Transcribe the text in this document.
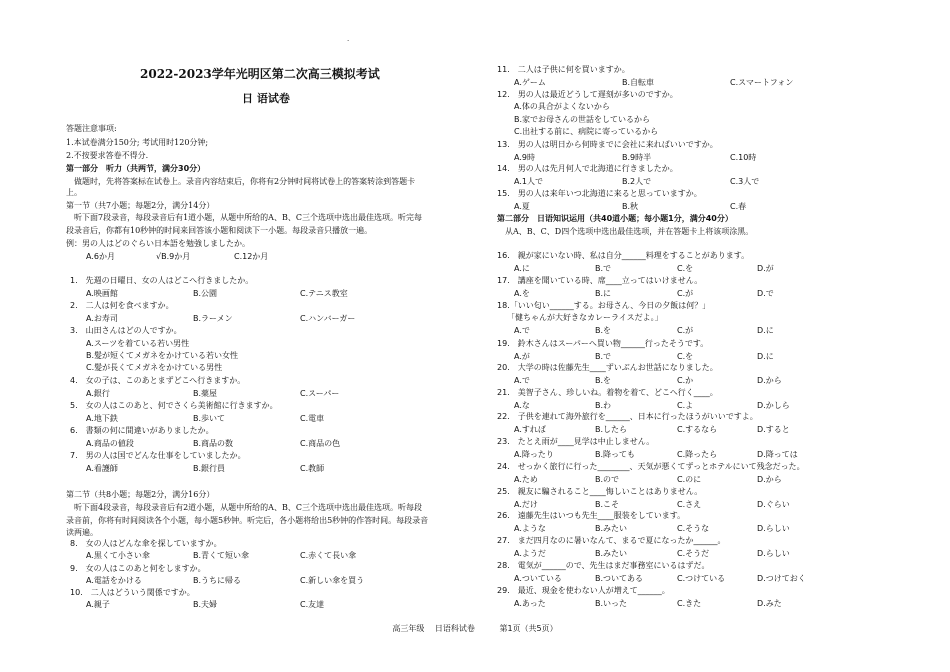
·
2022-2023学年光明区第二次高三模拟考试
日 语试卷
答题注意事项:
1.本试卷满分150分; 考试用时120分钟;
2.不按要求答卷不得分.
第一部分　听力（共两节，满分30分）
　做题时，先将答案标在试卷上。录音内容结束后，你将有2分钟时间将试卷上的答案转涂到答题卡
上。
第一节（共7小题；每题2分，满分14分）
　听下面7段录音，每段录音后有1道小题，从题中所给的A、B、C三个选项中选出最佳选项。听完每
段录音后，你都有10秒钟的时间来回答该小题和阅读下一小题。每段录音只播放一遍。
例：男の人はどのぐらい日本語を勉強しましたか。
A.6か月	√B.9か月	C.12か月
1.　先週の日曜日、女の人はどこへ行きましたか。
A.映画館	B.公園	C.テニス教室
2.　二人は何を食べますか。
A.お寿司	B.ラーメン	C.ハンバーガー
3.　山田さんはどの人ですか。
A.スーツを着ている若い男性
B.髪が短くてメガネをかけている若い女性
C.髪が長くてメガネをかけている男性
4.　女の子は、このあとまずどこへ行きますか。
A.銀行	B.薬屋	C.スーパー
5.　女の人はこのあと、何でさくら美術館に行きますか。
A.地下鉄	B.歩いて	C.電車
6.　書類の何に間違いがありましたか。
A.商品の値段	B.商品の数	C.商品の色
7.　男の人は国でどんな仕事をしていましたか。
A.看護師	B.銀行員	C.教師
第二节（共8小题；每题2分，满分16分）
　听下面4段录音，每段录音后有2道小题，从题中所给的A、B、C三个选项中选出最佳选项。听每段
录音前，你将有时间阅读各个小题，每小题5秒钟。听完后，各小题将给出5秒钟的作答时间。每段录音
读两遍。
8.　女の人はどんな傘を探していますか。
A.黒くて小さい傘	B.青くて短い傘	C.赤くて長い傘
9.　女の人はこのあと何をしますか。
A.電話をかける	B.うちに帰る	C.新しい傘を買う
10.　二人はどういう関係ですか。
A.親子	B.夫婦	C.友達
11.　二人は子供に何を買いますか。
A.ゲーム	B.自転車	C.スマートフォン
12.　男の人は最近どうして遅刻が多いのですか。
A.体の具合がよくないから
B.家でお母さんの世話をしているから
C.出社する前に、病院に寄っているから
13.　男の人は明日から何時までに会社に来ればいいですか。
A.9時	B.9時半	C.10時
14.　男の人は先月何人で北海道に行きましたか。
A.1人で	B.2人で	C.3人で
15.　男の人は来年いつ北海道に来ると思っていますか。
A.夏	B.秋	C.春
第二部分　日语知识运用（共40道小题；每小题1分，满分40分）
　从A、B、C、D四个选项中选出最佳选项，并在答题卡上将该项涂黑。
16.　親が家にいない時、私は自分______料理をすることがあります。
A.に	B.で	C.を	D.が
17.　講座を聞いている時、席____立ってはいけません。
A.を	B.に	C.が	D.で
18.「いい匂い______する。お母さん、今日の夕飯は何？」
「健ちゃんが大好きなカレーライスだよ。」
A.で	B.を	C.が	D.に
19.　鈴木さんはスーパーへ買い物______行ったそうです。
A.が	B.で	C.を	D.に
20.　大学の時は佐藤先生____ずいぶんお世話になりました。
A.で	B.を	C.か	D.から
21.　美智子さん、珍しいね。着物を着て、どこへ行く____。
A.な	B.わ	C.よ	D.かしら
22.　子供を連れて海外旅行を______、日本に行ったほうがいいですよ。
A.すれば	B.したら	C.するなら	D.すると
23.　たとえ雨が____見学は中止しません。
A.降ったり	B.降っても	C.降ったら	D.降っては
24.　せっかく旅行に行った________、天気が悪くてずっとホテルにいて残念だった。
A.ため	B.ので	C.のに	D.から
25.　親友に騙されること____悔しいことはありません。
A.だけ	B.こそ	C.さえ	D.ぐらい
26.　遠藤先生はいつも先生____服装をしています。
A.ような	B.みたい	C.そうな	D.らしい
27.　まだ四月なのに暑いなんて、まるで夏になったか______。
A.ようだ	B.みたい	C.そうだ	D.らしい
28.　電気が______ので、先生はまだ事務室にいるはずだ。
A.ついている	B.ついてある	C.つけている	D.つけておく
29.　最近、現金を使わない人が増えて______。
A.あった	B.いった	C.きた	D.みた
高三年级 日语科试卷	第1页（共5页）
